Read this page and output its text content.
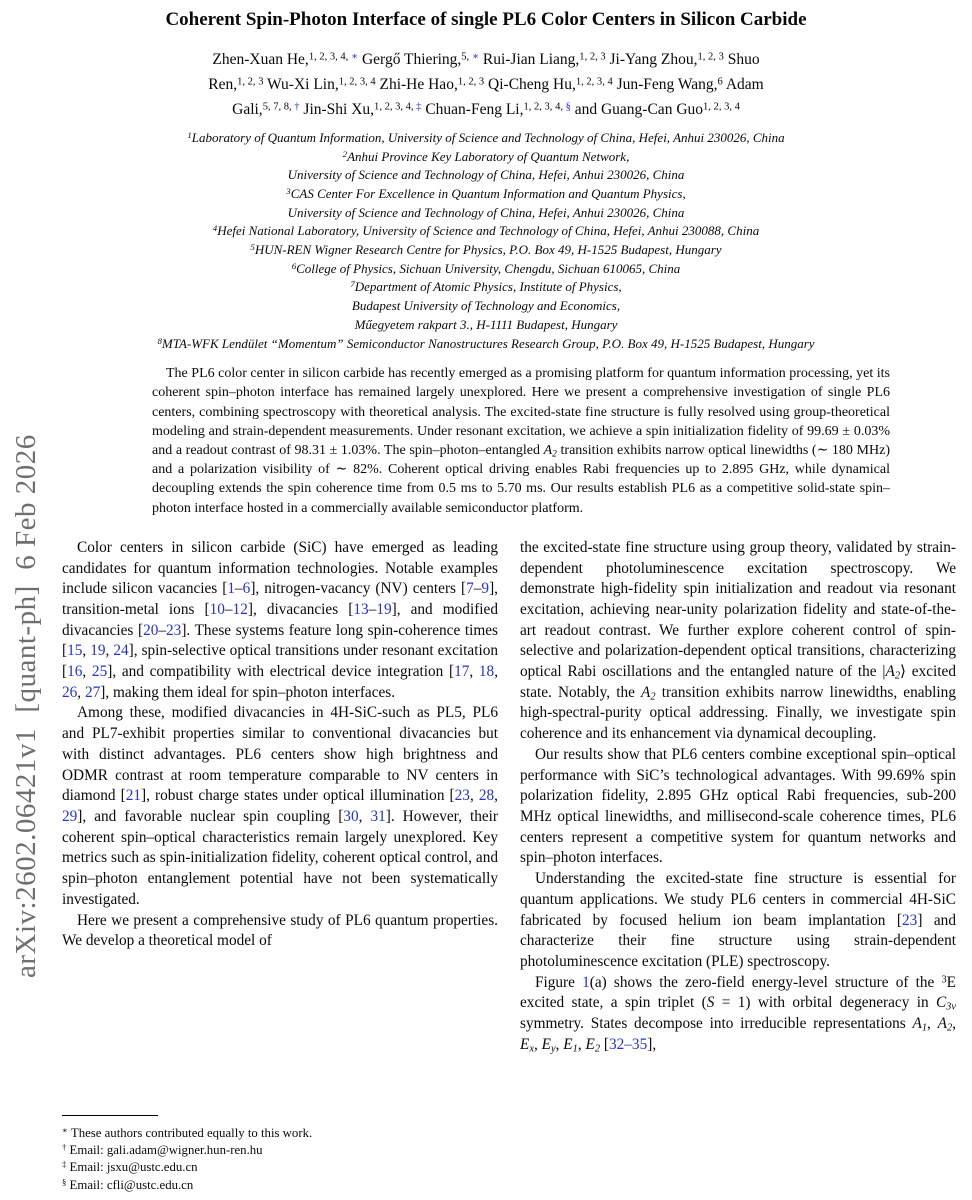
arXiv:2602.06421v1  [quant-ph]  6 Feb 2026
Coherent Spin-Photon Interface of single PL6 Color Centers in Silicon Carbide
Zhen-Xuan He,$^{1, 2, 3, 4,}$ ∗ Gergő Thiering,$^{5,}$ ∗ Rui-Jian Liang,$^{1, 2, 3}$ Ji-Yang Zhou,$^{1, 2, 3}$ Shuo
Ren,$^{1, 2, 3}$ Wu-Xi Lin,$^{1, 2, 3, 4}$ Zhi-He Hao,$^{1, 2, 3}$ Qi-Cheng Hu,$^{1, 2, 3, 4}$ Jun-Feng Wang,$^6$ Adam
Gali,$^{5, 7, 8,}$ † Jin-Shi Xu,$^{1, 2, 3, 4,}$ ‡ Chuan-Feng Li,$^{1, 2, 3, 4,}$ § and Guang-Can Guo$^{1, 2, 3, 4}$
$^1$Laboratory of Quantum Information, University of Science and Technology of China, Hefei, Anhui 230026, China
$^2$Anhui Province Key Laboratory of Quantum Network,
University of Science and Technology of China, Hefei, Anhui 230026, China
$^3$CAS Center For Excellence in Quantum Information and Quantum Physics,
University of Science and Technology of China, Hefei, Anhui 230026, China
$^4$Hefei National Laboratory, University of Science and Technology of China, Hefei, Anhui 230088, China
$^5$HUN-REN Wigner Research Centre for Physics, P.O. Box 49, H-1525 Budapest, Hungary
$^6$College of Physics, Sichuan University, Chengdu, Sichuan 610065, China
$^7$Department of Atomic Physics, Institute of Physics,
Budapest University of Technology and Economics,
Műegyetem rakpart 3., H-1111 Budapest, Hungary
$^8$MTA-WFK Lendület “Momentum” Semiconductor Nanostructures Research Group, P.O. Box 49, H-1525 Budapest, Hungary

The PL6 color center in silicon carbide has recently emerged as a promising platform for quantum information processing, yet its coherent spin–photon interface has remained largely unexplored. Here we present a comprehensive investigation of single PL6 centers, combining spectroscopy with theoretical analysis. The excited-state fine structure is fully resolved using group-theoretical modeling and strain-dependent measurements. Under resonant excitation, we achieve a spin initialization fidelity of 99.69 ± 0.03% and a readout contrast of 98.31 ± 1.03%. The spin–photon–entangled A2 transition exhibits narrow optical linewidths (∼ 180 MHz) and a polarization visibility of ∼ 82%. Coherent optical driving enables Rabi frequencies up to 2.895 GHz, while dynamical decoupling extends the spin coherence time from 0.5 ms to 5.70 ms. Our results establish PL6 as a competitive solid-state spin–photon interface hosted in a commercially available semiconductor platform.

Color centers in silicon carbide (SiC) have emerged as leading candidates for quantum information technologies. Notable examples include silicon vacancies [1–6], nitrogen-vacancy (NV) centers [7–9], transition-metal ions [10–12], divacancies [13–19], and modified divacancies [20–23]. These systems feature long spin-coherence times [15, 19, 24], spin-selective optical transitions under resonant excitation [16, 25], and compatibility with electrical device integration [17, 18, 26, 27], making them ideal for spin–photon interfaces.

Among these, modified divacancies in 4H-SiC-such as PL5, PL6 and PL7-exhibit properties similar to conventional divacancies but with distinct advantages. PL6 centers show high brightness and ODMR contrast at room temperature comparable to NV centers in diamond [21], robust charge states under optical illumination [23, 28, 29], and favorable nuclear spin coupling [30, 31]. However, their coherent spin–optical characteristics remain largely unexplored. Key metrics such as spin-initialization fidelity, coherent optical control, and spin–photon entanglement potential have not been systematically investigated.

Here we present a comprehensive study of PL6 quantum properties. We develop a theoretical model of

∗ These authors contributed equally to this work.

† Email: gali.adam@wigner.hun-ren.hu

‡ Email: jsxu@ustc.edu.cn

§ Email: cfli@ustc.edu.cn

the excited-state fine structure using group theory, validated by strain-dependent photoluminescence excitation spectroscopy. We demonstrate high-fidelity spin initialization and readout via resonant excitation, achieving near-unity polarization fidelity and state-of-the-art readout contrast. We further explore coherent control of spin-selective and polarization-dependent optical transitions, characterizing optical Rabi oscillations and the entangled nature of the |A2⟩ excited state. Notably, the A2 transition exhibits narrow linewidths, enabling high-spectral-purity optical addressing. Finally, we investigate spin coherence and its enhancement via dynamical decoupling.

Our results show that PL6 centers combine exceptional spin–optical performance with SiC’s technological advantages. With 99.69% spin polarization fidelity, 2.895 GHz optical Rabi frequencies, sub-200 MHz optical linewidths, and millisecond-scale coherence times, PL6 centers represent a competitive system for quantum networks and spin–photon interfaces.

Understanding the excited-state fine structure is essential for quantum applications. We study PL6 centers in commercial 4H-SiC fabricated by focused helium ion beam implantation [23] and characterize their fine structure using strain-dependent photoluminescence excitation (PLE) spectroscopy.

Figure 1(a) shows the zero-field energy-level structure of the $^3$E excited state, a spin triplet (S = 1) with orbital degeneracy in C3v symmetry. States decompose into irreducible representations A1, A2, Ex, Ey, E1, E2 [32–35],
